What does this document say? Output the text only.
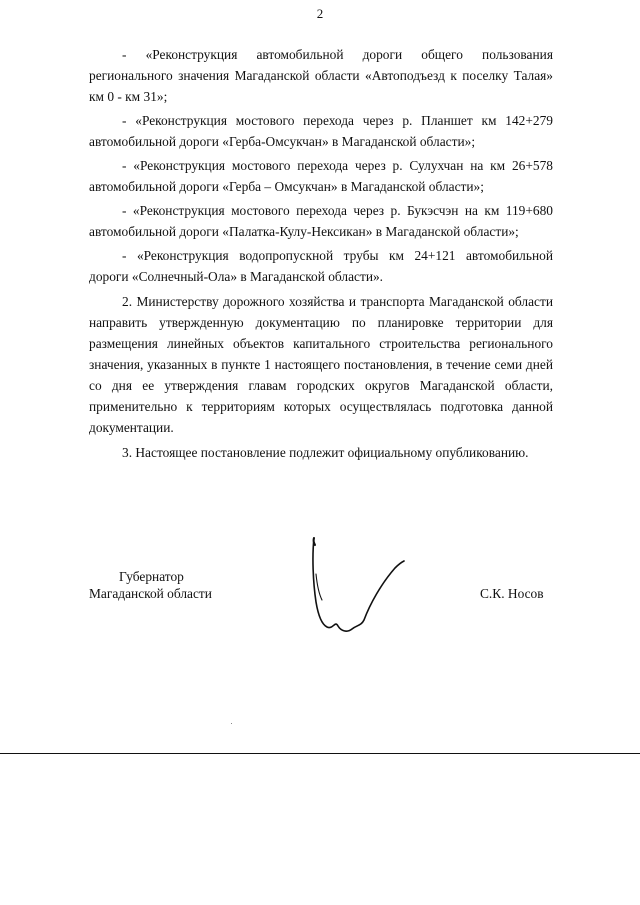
2

- «Реконструкция автомобильной дороги общего пользования регионального значения Магаданской области «Автоподъезд к поселку Талая» км 0 - км 31»;

- «Реконструкция мостового перехода через р. Планшет км 142+279 автомобильной дороги «Герба-Омсукчан» в Магаданской области»;

- «Реконструкция мостового перехода через р. Сулухчан на км 26+578 автомобильной дороги «Герба – Омсукчан» в Магаданской области»;

- «Реконструкция мостового перехода через р. Букэсчэн на км 119+680 автомобильной дороги «Палатка-Кулу-Нексикан» в Магаданской области»;

- «Реконструкция водопропускной трубы км 24+121 автомобильной дороги «Солнечный-Ола» в Магаданской области».

2. Министерству дорожного хозяйства и транспорта Магаданской области направить утвержденную документацию по планировке территории для размещения линейных объектов капитального строительства регионального значения, указанных в пункте 1 настоящего постановления, в течение семи дней со дня ее утверждения главам городских округов Магаданской области, применительно к территориям которых осуществлялась подготовка данной документации.

3. Настоящее постановление подлежит официальному опубликованию.

Губернатор
Магаданской области	С.К. Носов
